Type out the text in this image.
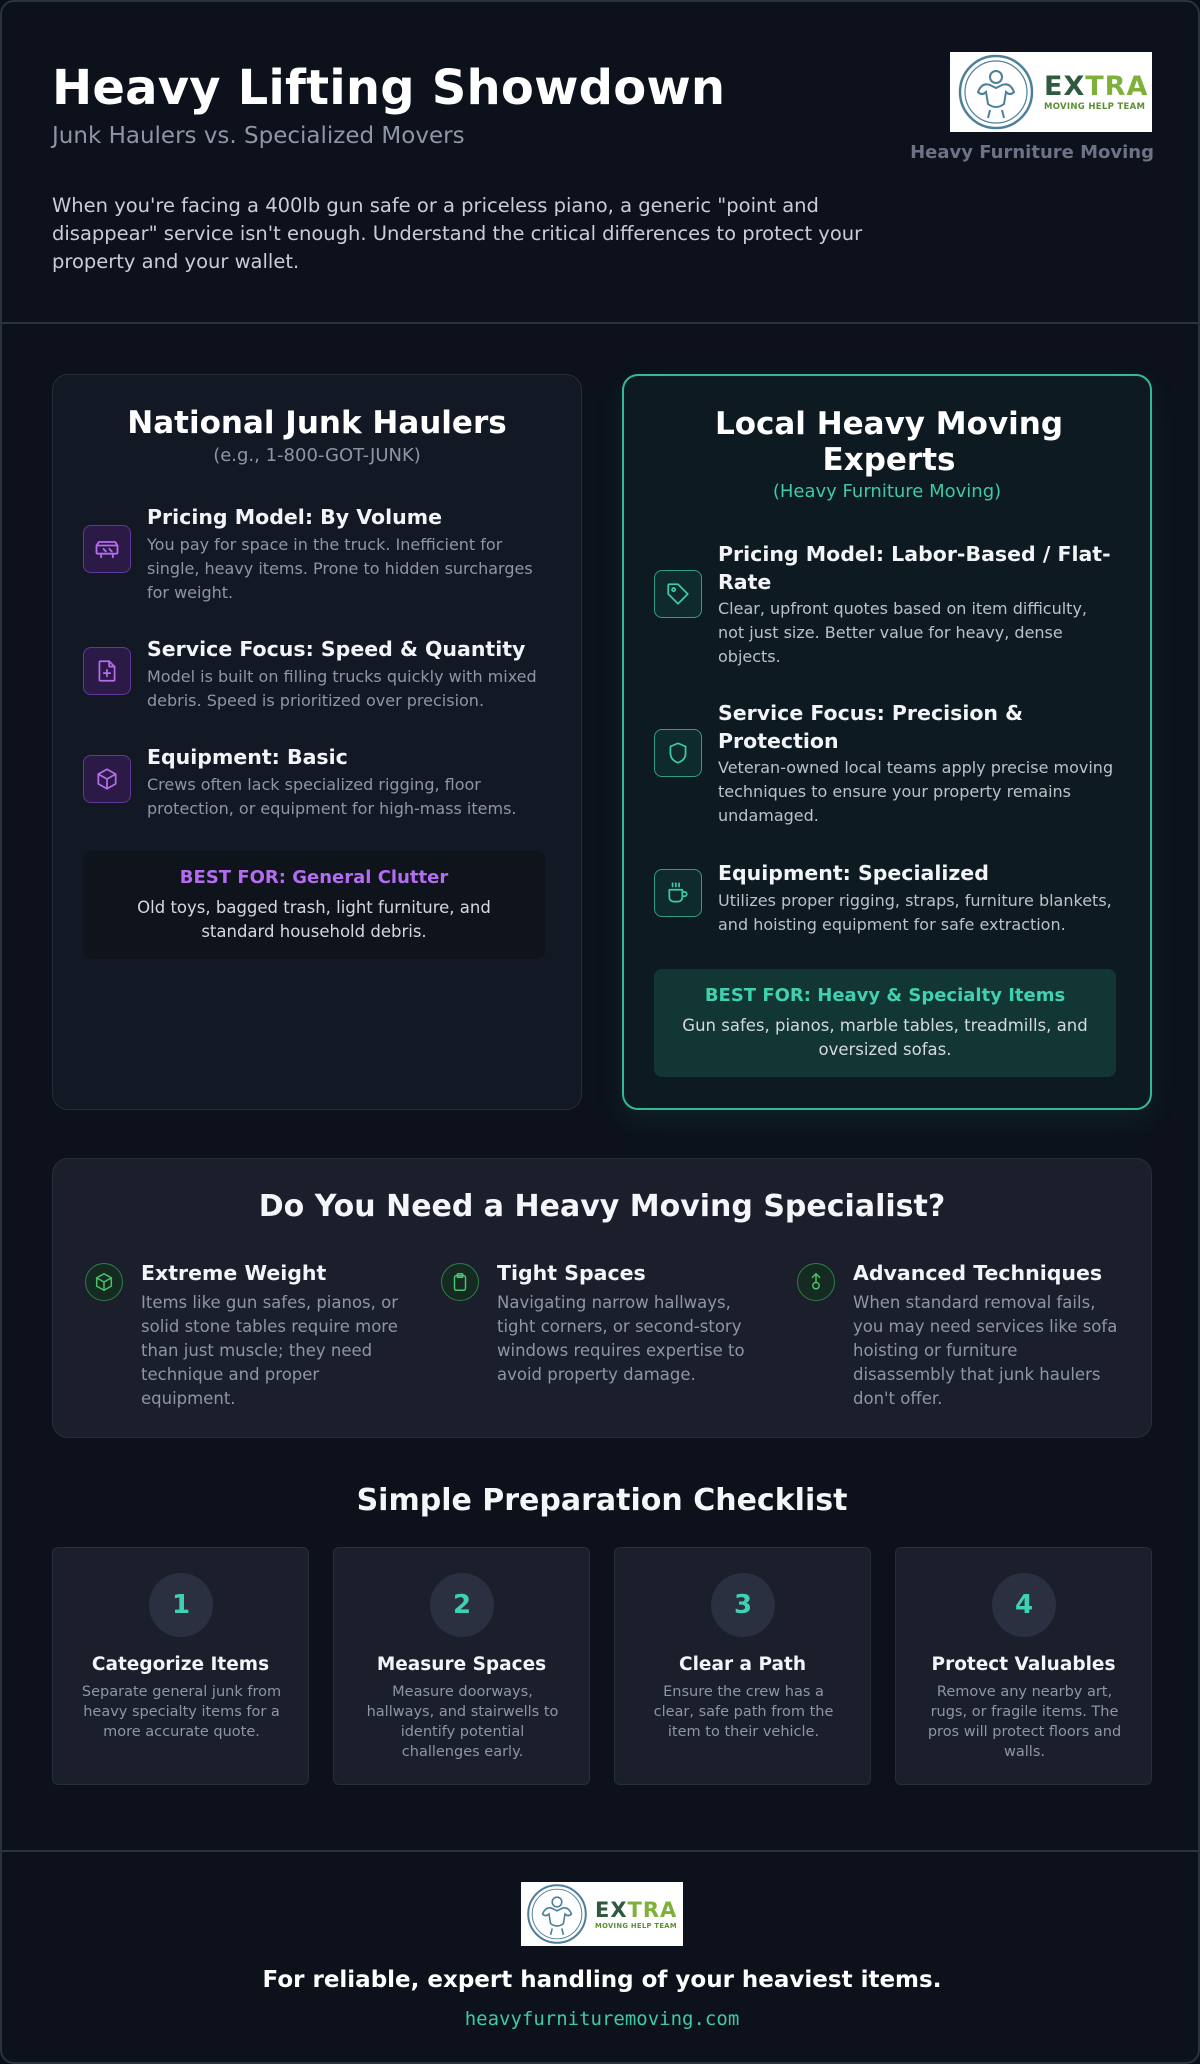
Heavy Lifting Showdown
Junk Haulers vs. Specialized Movers
When you're facing a 400lb gun safe or a priceless piano, a generic "point and disappear" service isn't enough. Understand the critical differences to protect your property and your wallet.
EXTRA
MOVING HELP TEAM
Heavy Furniture Moving
National Junk Haulers
(e.g., 1-800-GOT-JUNK)
Pricing Model: By Volume
You pay for space in the truck. Inefficient for single, heavy items. Prone to hidden surcharges for weight.
Service Focus: Speed & Quantity
Model is built on filling trucks quickly with mixed debris. Speed is prioritized over precision.
Equipment: Basic
Crews often lack specialized rigging, floor protection, or equipment for high-mass items.
BEST FOR: General Clutter
Old toys, bagged trash, light furniture, and standard household debris.
Local Heavy Moving Experts
(Heavy Furniture Moving)
Pricing Model: Labor-Based / Flat-Rate
Clear, upfront quotes based on item difficulty, not just size. Better value for heavy, dense objects.
Service Focus: Precision & Protection
Veteran-owned local teams apply precise moving techniques to ensure your property remains undamaged.
Equipment: Specialized
Utilizes proper rigging, straps, furniture blankets, and hoisting equipment for safe extraction.
BEST FOR: Heavy & Specialty Items
Gun safes, pianos, marble tables, treadmills, and oversized sofas.
Do You Need a Heavy Moving Specialist?
Extreme Weight
Items like gun safes, pianos, or solid stone tables require more than just muscle; they need technique and proper equipment.
Tight Spaces
Navigating narrow hallways, tight corners, or second-story windows requires expertise to avoid property damage.
Advanced Techniques
When standard removal fails, you may need services like sofa hoisting or furniture disassembly that junk haulers don't offer.
Simple Preparation Checklist
1
Categorize Items
Separate general junk from heavy specialty items for a more accurate quote.
2
Measure Spaces
Measure doorways, hallways, and stairwells to identify potential challenges early.
3
Clear a Path
Ensure the crew has a clear, safe path from the item to their vehicle.
4
Protect Valuables
Remove any nearby art, rugs, or fragile items. The pros will protect floors and walls.
EXTRA
MOVING HELP TEAM
For reliable, expert handling of your heaviest items.
heavyfurnituremoving.com
